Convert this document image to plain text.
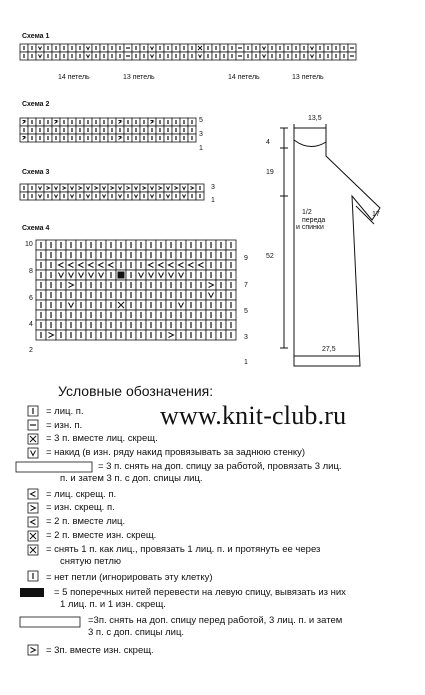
Схема 1
14 петель	13 петель	14 петель	13 петель
Схема 2
5
3
1
Схема 3
3
1
Схема 4
10
8
6
4
2
9
7
5
3
1
13,5
4
19
52
27,5
17
1/2
переда
и спинки
Условные обозначения:
www.knit-club.ru
= лиц. п.
= изн. п.
= 3 п. вместе лиц. скрещ.
= накид (в изн. ряду накид провязывать за заднюю стенку)
= 3 п. снять на доп. спицу за работой, провязать 3 лиц.
п. и затем 3 п. с доп. спицы лиц.
= лиц. скрещ. п.
= изн. скрещ. п.
= 2 п. вместе лиц.
= 2 п. вместе изн. скрещ.
= снять 1 п. как лиц., провязать 1 лиц. п. и протянуть ее через
снятую петлю
= нет петли (игнорировать эту клетку)
= 5 поперечных нитей перевести на левую спицу, вывязать из них
1 лиц. п. и 1 изн. скрещ.
=3п. снять на доп. спицу перед работой, 3 лиц. п. и затем
3 п. с доп. спицы лиц.
= 3п. вместе изн. скрещ.
